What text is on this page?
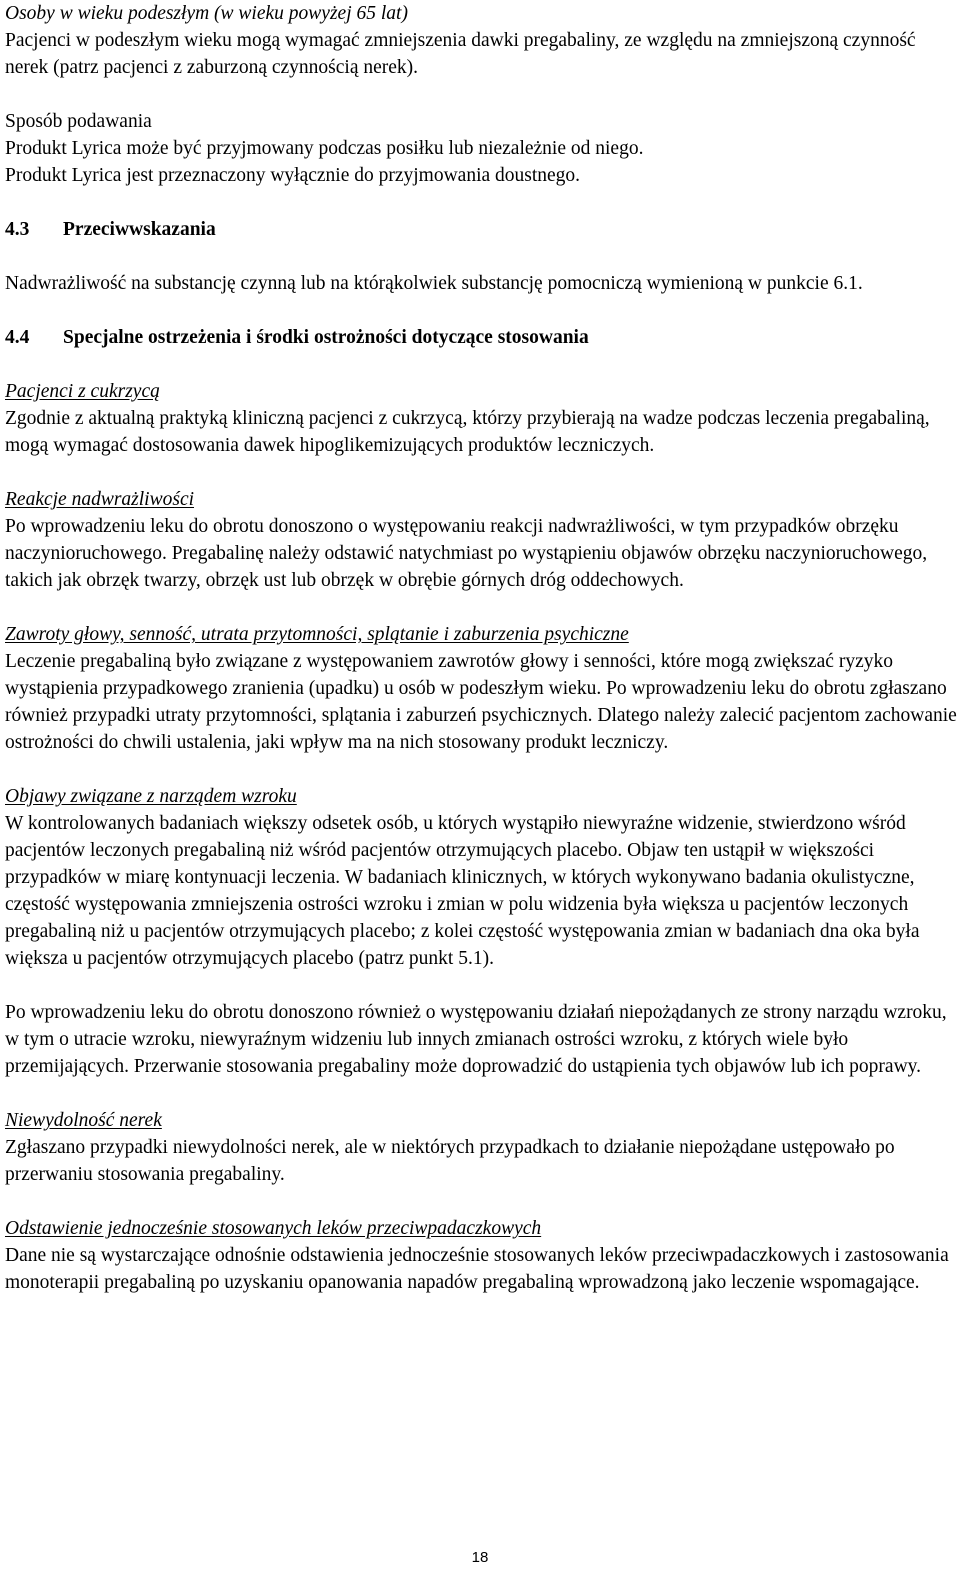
Osoby w wieku podeszłym (w wieku powyżej 65 lat)

Pacjenci w podeszłym wieku mogą wymagać zmniejszenia dawki pregabaliny, ze względu na zmniejszoną czynność nerek (patrz pacjenci z zaburzoną czynnością nerek).

Sposób podawania

Produkt Lyrica może być przyjmowany podczas posiłku lub niezależnie od niego.

Produkt Lyrica jest przeznaczony wyłącznie do przyjmowania doustnego.

4.3	Przeciwwskazania

Nadwrażliwość na substancję czynną lub na którąkolwiek substancję pomocniczą wymienioną w punkcie 6.1.

4.4	Specjalne ostrzeżenia i środki ostrożności dotyczące stosowania

Pacjenci z cukrzycą

Zgodnie z aktualną praktyką kliniczną pacjenci z cukrzycą, którzy przybierają na wadze podczas leczenia pregabaliną, mogą wymagać dostosowania dawek hipoglikemizujących produktów leczniczych.

Reakcje nadwrażliwości

Po wprowadzeniu leku do obrotu donoszono o występowaniu reakcji nadwrażliwości, w tym przypadków obrzęku naczynioruchowego. Pregabalinę należy odstawić natychmiast po wystąpieniu objawów obrzęku naczynioruchowego, takich jak obrzęk twarzy, obrzęk ust lub obrzęk w obrębie górnych dróg oddechowych.

Zawroty głowy, senność, utrata przytomności, splątanie i zaburzenia psychiczne

Leczenie pregabaliną było związane z występowaniem zawrotów głowy i senności, które mogą zwiększać ryzyko wystąpienia przypadkowego zranienia (upadku) u osób w podeszłym wieku. Po wprowadzeniu leku do obrotu zgłaszano również przypadki utraty przytomności, splątania i zaburzeń psychicznych. Dlatego należy zalecić pacjentom zachowanie ostrożności do chwili ustalenia, jaki wpływ ma na nich stosowany produkt leczniczy.

Objawy związane z narządem wzroku

W kontrolowanych badaniach większy odsetek osób, u których wystąpiło niewyraźne widzenie, stwierdzono wśród pacjentów leczonych pregabaliną niż wśród pacjentów otrzymujących placebo. Objaw ten ustąpił w większości przypadków w miarę kontynuacji leczenia. W badaniach klinicznych, w których wykonywano badania okulistyczne, częstość występowania zmniejszenia ostrości wzroku i zmian w polu widzenia była większa u pacjentów leczonych pregabaliną niż u pacjentów otrzymujących placebo; z kolei częstość występowania zmian w badaniach dna oka była większa u pacjentów otrzymujących placebo (patrz punkt 5.1).

Po wprowadzeniu leku do obrotu donoszono również o występowaniu działań niepożądanych ze strony narządu wzroku, w tym o utracie wzroku, niewyraźnym widzeniu lub innych zmianach ostrości wzroku, z których wiele było przemijających. Przerwanie stosowania pregabaliny może doprowadzić do ustąpienia tych objawów lub ich poprawy.

Niewydolność nerek

Zgłaszano przypadki niewydolności nerek, ale w niektórych przypadkach to działanie niepożądane ustępowało po przerwaniu stosowania pregabaliny.

Odstawienie jednocześnie stosowanych leków przeciwpadaczkowych

Dane nie są wystarczające odnośnie odstawienia jednocześnie stosowanych leków przeciwpadaczkowych i zastosowania monoterapii pregabaliną po uzyskaniu opanowania napadów pregabaliną wprowadzoną jako leczenie wspomagające.

18
